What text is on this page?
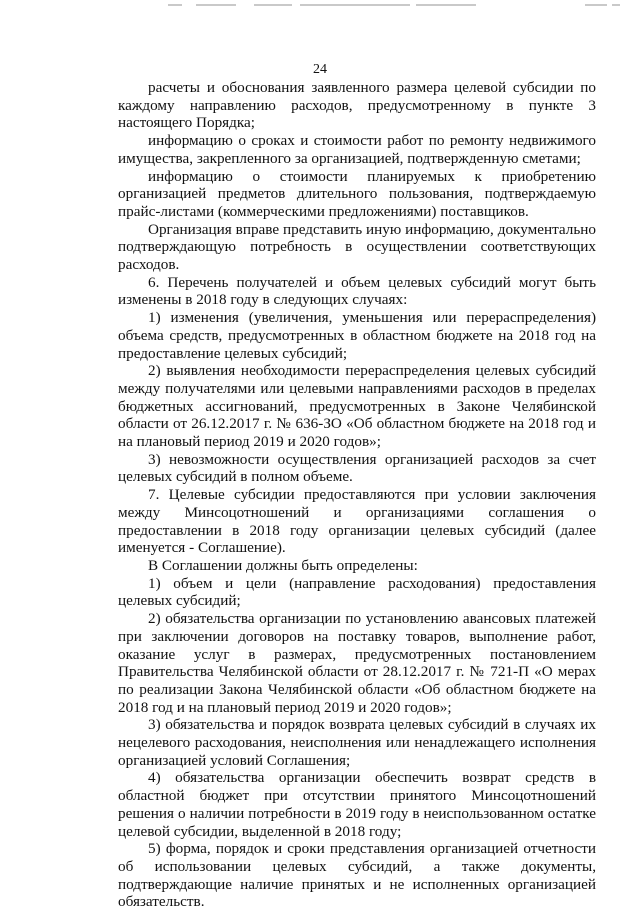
24

расчеты и обоснования заявленного размера целевой субсидии по каждому направлению расходов, предусмотренному в пункте 3 настоящего Порядка;

информацию о сроках и стоимости работ по ремонту недвижимого имущества, закрепленного за организацией, подтвержденную сметами;

информацию о стоимости планируемых к приобретению организацией предметов длительного пользования, подтверждаемую прайс-листами (коммерческими предложениями) поставщиков.

Организация вправе представить иную информацию, документально подтверждающую потребность в осуществлении соответствующих расходов.

6. Перечень получателей и объем целевых субсидий могут быть изменены в 2018 году в следующих случаях:

1) изменения (увеличения, уменьшения или перераспределения) объема средств, предусмотренных в областном бюджете на 2018 год на предоставление целевых субсидий;

2) выявления необходимости перераспределения целевых субсидий между получателями или целевыми направлениями расходов в пределах бюджетных ассигнований, предусмотренных в Законе Челябинской области от 26.12.2017 г. № 636-ЗО «Об областном бюджете на 2018 год и на плановый период 2019 и 2020 годов»;

3) невозможности осуществления организацией расходов за счет целевых субсидий в полном объеме.

7. Целевые субсидии предоставляются при условии заключения между Минсоцотношений и организациями соглашения о предоставлении в 2018 году организации целевых субсидий (далее именуется - Соглашение).

В Соглашении должны быть определены:

1) объем и цели (направление расходования) предоставления целевых субсидий;

2) обязательства организации по установлению авансовых платежей при заключении договоров на поставку товаров, выполнение работ, оказание услуг в размерах, предусмотренных постановлением Правительства Челябинской области от 28.12.2017 г. № 721-П «О мерах по реализации Закона Челябинской области «Об областном бюджете на 2018 год и на плановый период 2019 и 2020 годов»;

3) обязательства и порядок возврата целевых субсидий в случаях их нецелевого расходования, неисполнения или ненадлежащего исполнения организацией условий Соглашения;

4) обязательства организации обеспечить возврат средств в областной бюджет при отсутствии принятого Минсоцотношений решения о наличии потребности в 2019 году в неиспользованном остатке целевой субсидии, выделенной в 2018 году;

5) форма, порядок и сроки представления организацией отчетности об использовании целевых субсидий, а также документы, подтверждающие наличие принятых и не исполненных организацией обязательств.
